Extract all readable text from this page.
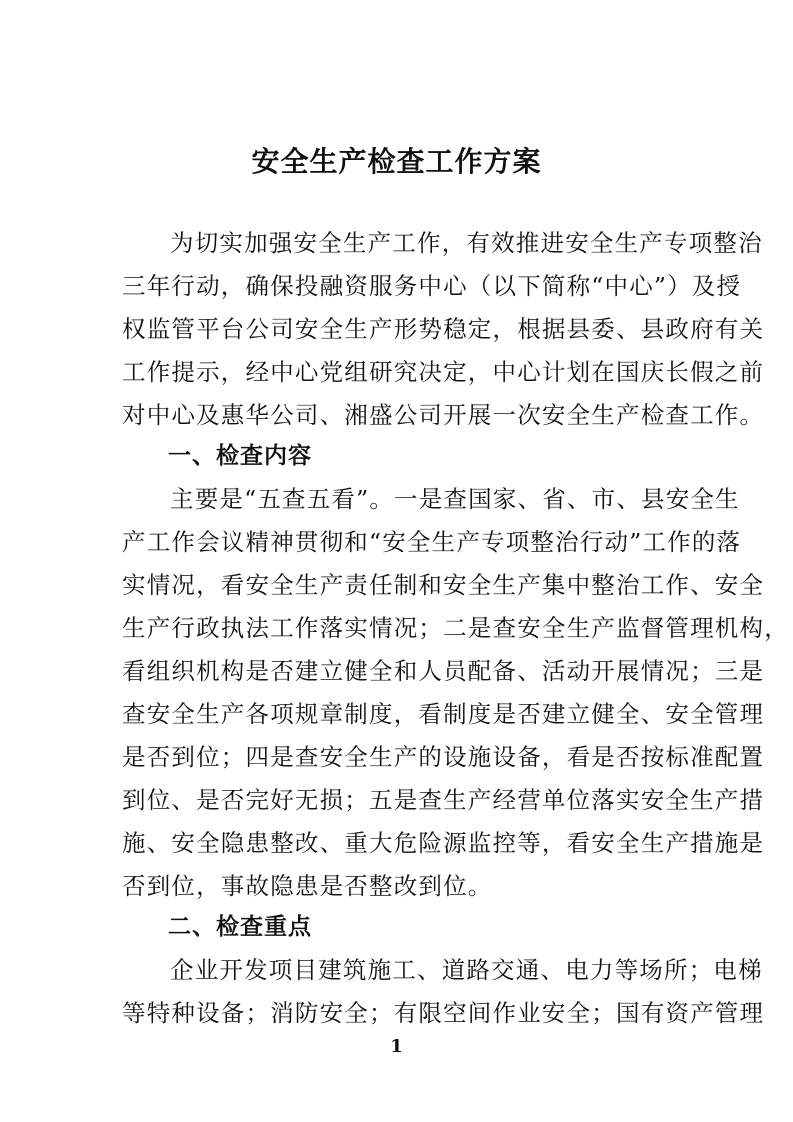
安全生产检查工作方案
为切实加强安全生产工作，有效推进安全生产专项整治
三年行动，确保投融资服务中心（以下简称“中心”）及授
权监管平台公司安全生产形势稳定，根据县委、县政府有关
工作提示，经中心党组研究决定，中心计划在国庆长假之前
对中心及惠华公司、湘盛公司开展一次安全生产检查工作。
一、检查内容
主要是“五查五看”。一是查国家、省、市、县安全生
产工作会议精神贯彻和“安全生产专项整治行动”工作的落
实情况，看安全生产责任制和安全生产集中整治工作、安全
生产行政执法工作落实情况；二是查安全生产监督管理机构，
看组织机构是否建立健全和人员配备、活动开展情况；三是
查安全生产各项规章制度，看制度是否建立健全、安全管理
是否到位；四是查安全生产的设施设备，看是否按标准配置
到位、是否完好无损；五是查生产经营单位落实安全生产措
施、安全隐患整改、重大危险源监控等，看安全生产措施是
否到位，事故隐患是否整改到位。
二、检查重点
企业开发项目建筑施工、道路交通、电力等场所；电梯
等特种设备；消防安全；有限空间作业安全；国有资产管理
1
